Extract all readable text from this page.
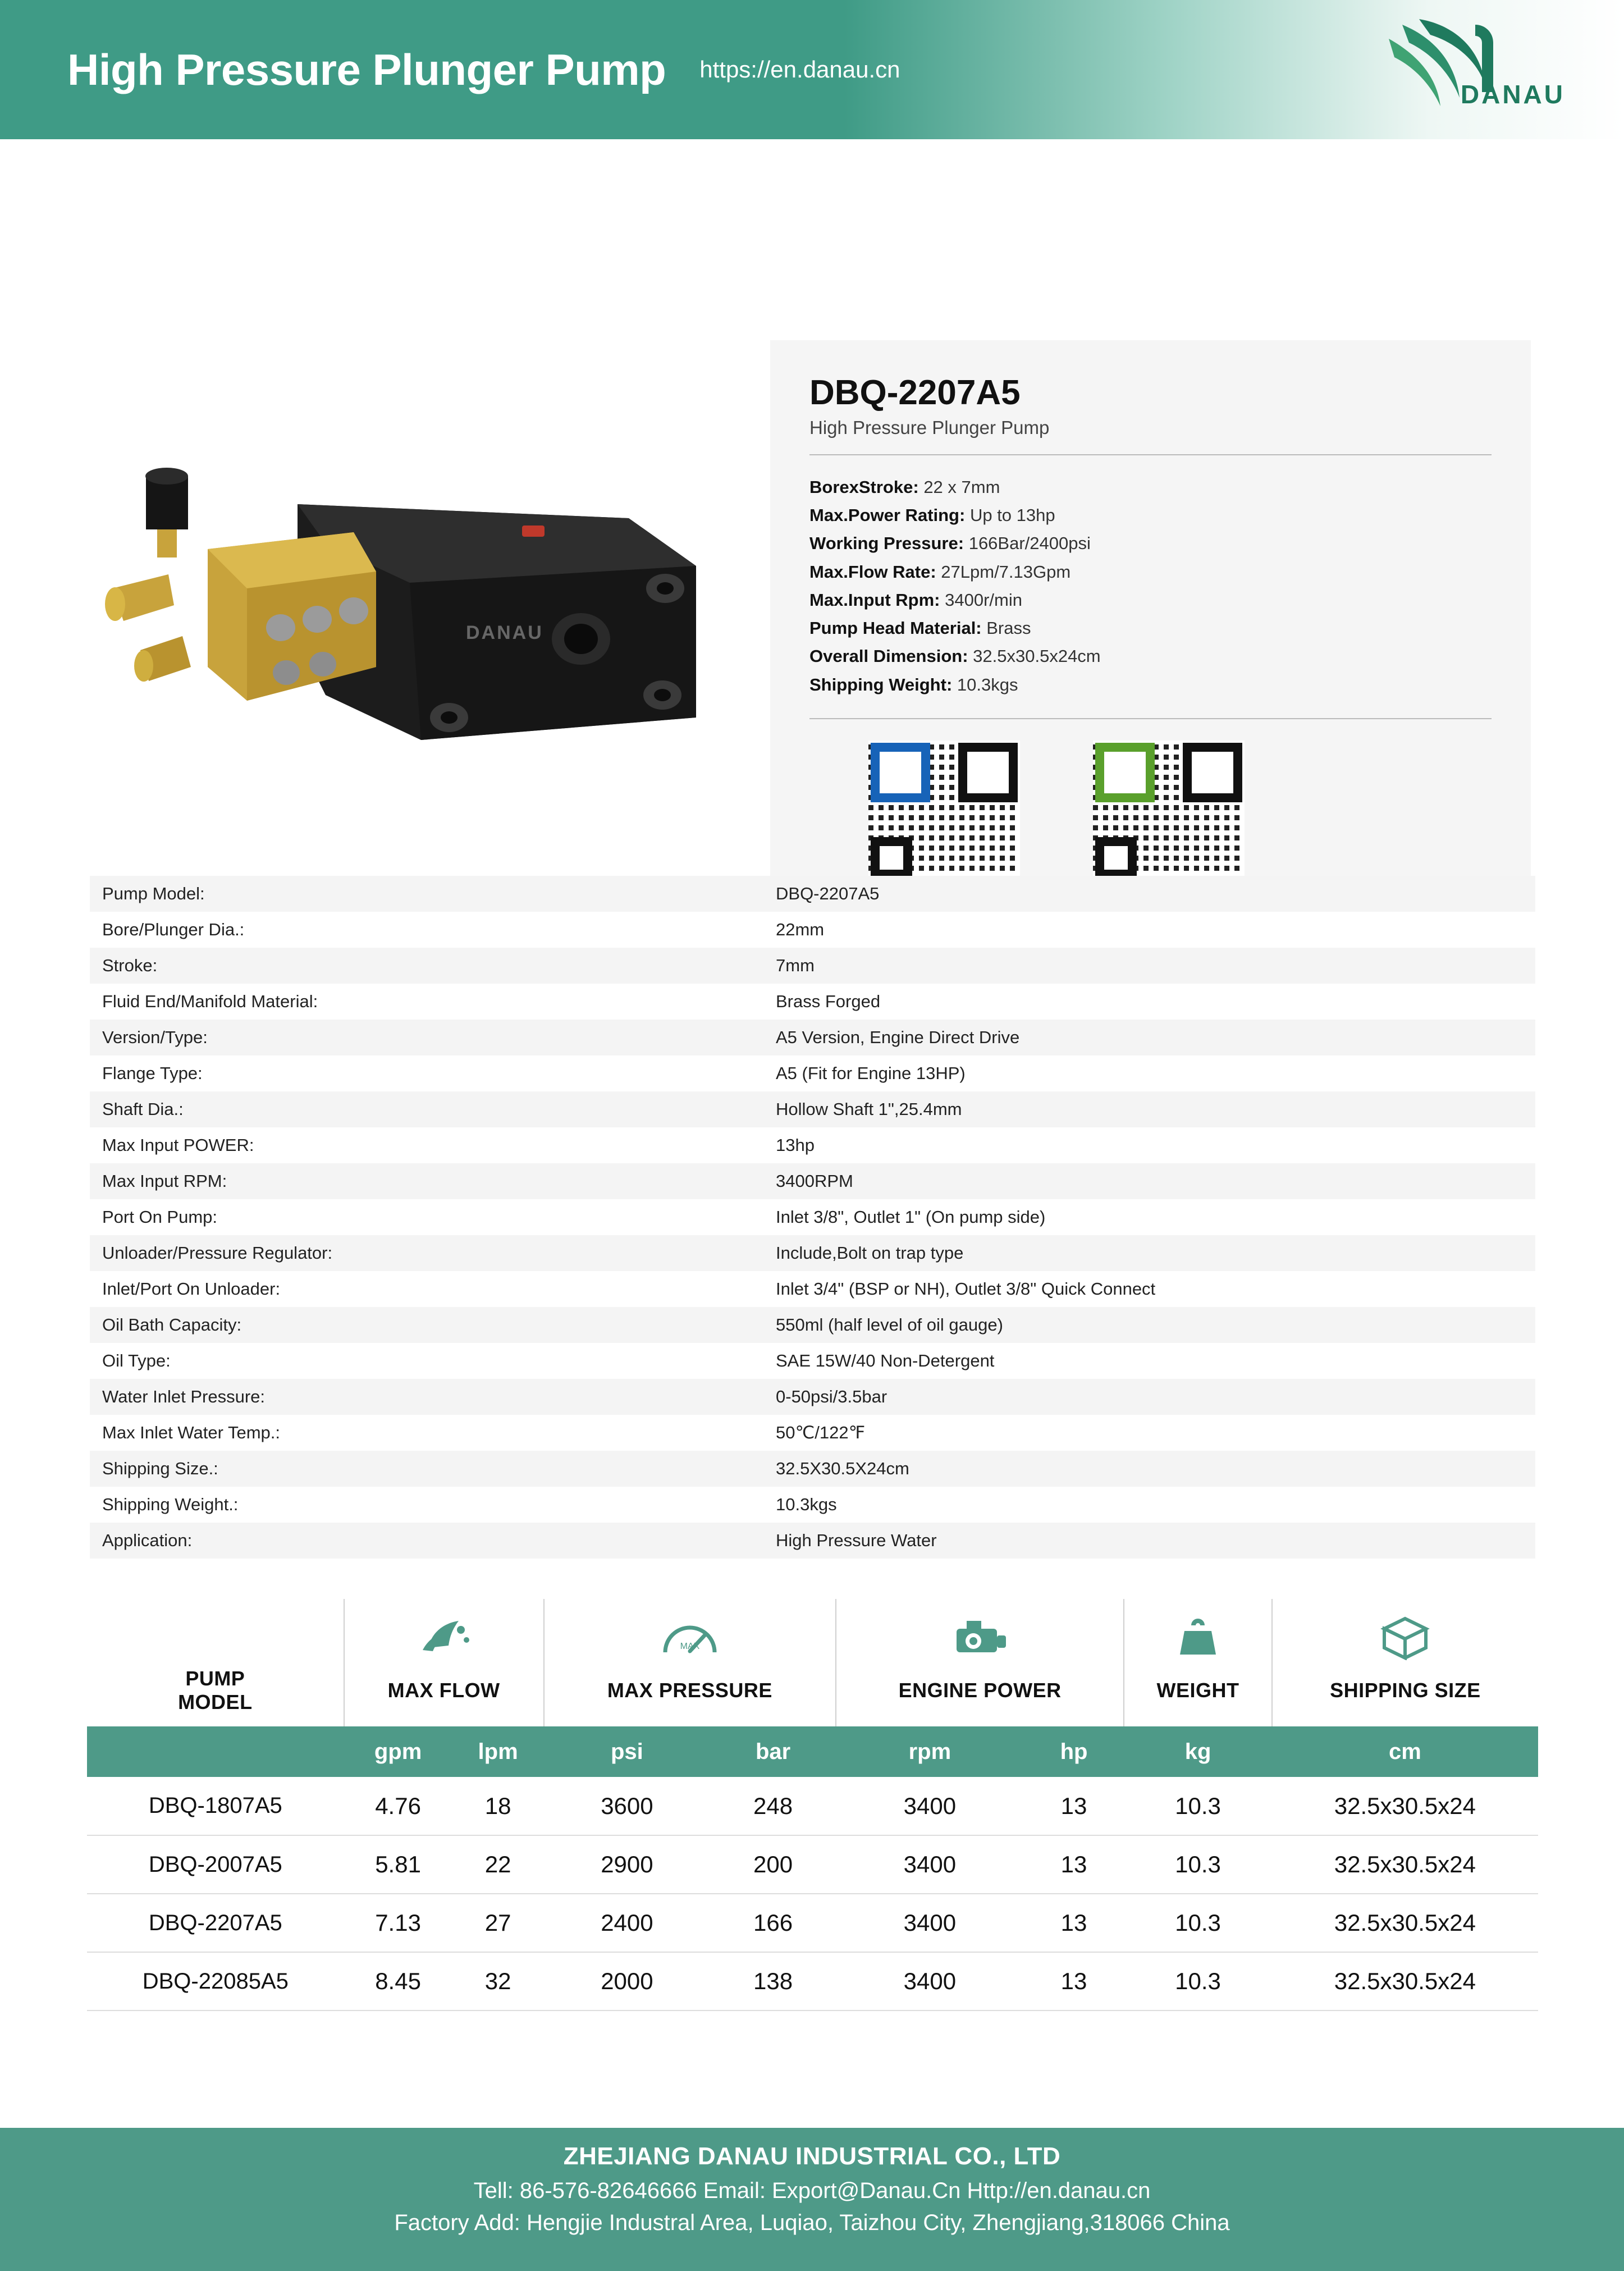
High Pressure Plunger Pump https://en.danau.cn
DANAU
DANAU
DBQ-2207A5
High Pressure Plunger Pump
BorexStroke: 22 x 7mm
Max.Power Rating: Up to 13hp
Working Pressure: 166Bar/2400psi
Max.Flow Rate: 27Lpm/7.13Gpm
Max.Input Rpm: 3400r/min
Pump Head Material: Brass
Overall Dimension: 32.5x30.5x24cm
Shipping Weight: 10.3kgs
f facebook	You
Pump Model:	DBQ-2207A5
Bore/Plunger Dia.:	22mm
Stroke:	7mm
Fluid End/Manifold Material:	Brass Forged
Version/Type:	A5 Version, Engine Direct Drive
Flange Type:	A5 (Fit for Engine 13HP)
Shaft Dia.:	Hollow Shaft 1",25.4mm
Max Input POWER:	13hp
Max Input RPM:	3400RPM
Port On Pump:	Inlet 3/8", Outlet 1" (On pump side)
Unloader/Pressure Regulator:	Include,Bolt on trap type
Inlet/Port On Unloader:	Inlet 3/4" (BSP or NH), Outlet 3/8" Quick Connect
Oil Bath Capacity:	550ml (half level of oil gauge)
Oil Type:	SAE 15W/40 Non-Detergent
Water Inlet Pressure:	0-50psi/3.5bar
Max Inlet Water Temp.:	50℃/122℉
Shipping Size.:	32.5X30.5X24cm
Shipping Weight.:	10.3kgs
Application:	High Pressure Water

MAX

PUMP
MODEL	MAX FLOW		MAX PRESSURE		ENGINE POWER		WEIGHT	SHIPPING SIZE
	gpm	lpm	psi	bar	rpm	hp	kg	cm
DBQ-1807A5	4.76	18	3600	248	3400	13	10.3	32.5x30.5x24
DBQ-2007A5	5.81	22	2900	200	3400	13	10.3	32.5x30.5x24
DBQ-2207A5	7.13	27	2400	166	3400	13	10.3	32.5x30.5x24
DBQ-22085A5	8.45	32	2000	138	3400	13	10.3	32.5x30.5x24
ZHEJIANG DANAU INDUSTRIAL CO., LTD
Tell: 86-576-82646666 Email: Export@Danau.Cn Http://en.danau.cn
Factory Add: Hengjie Industral Area, Luqiao, Taizhou City, Zhengjiang,318066 China
